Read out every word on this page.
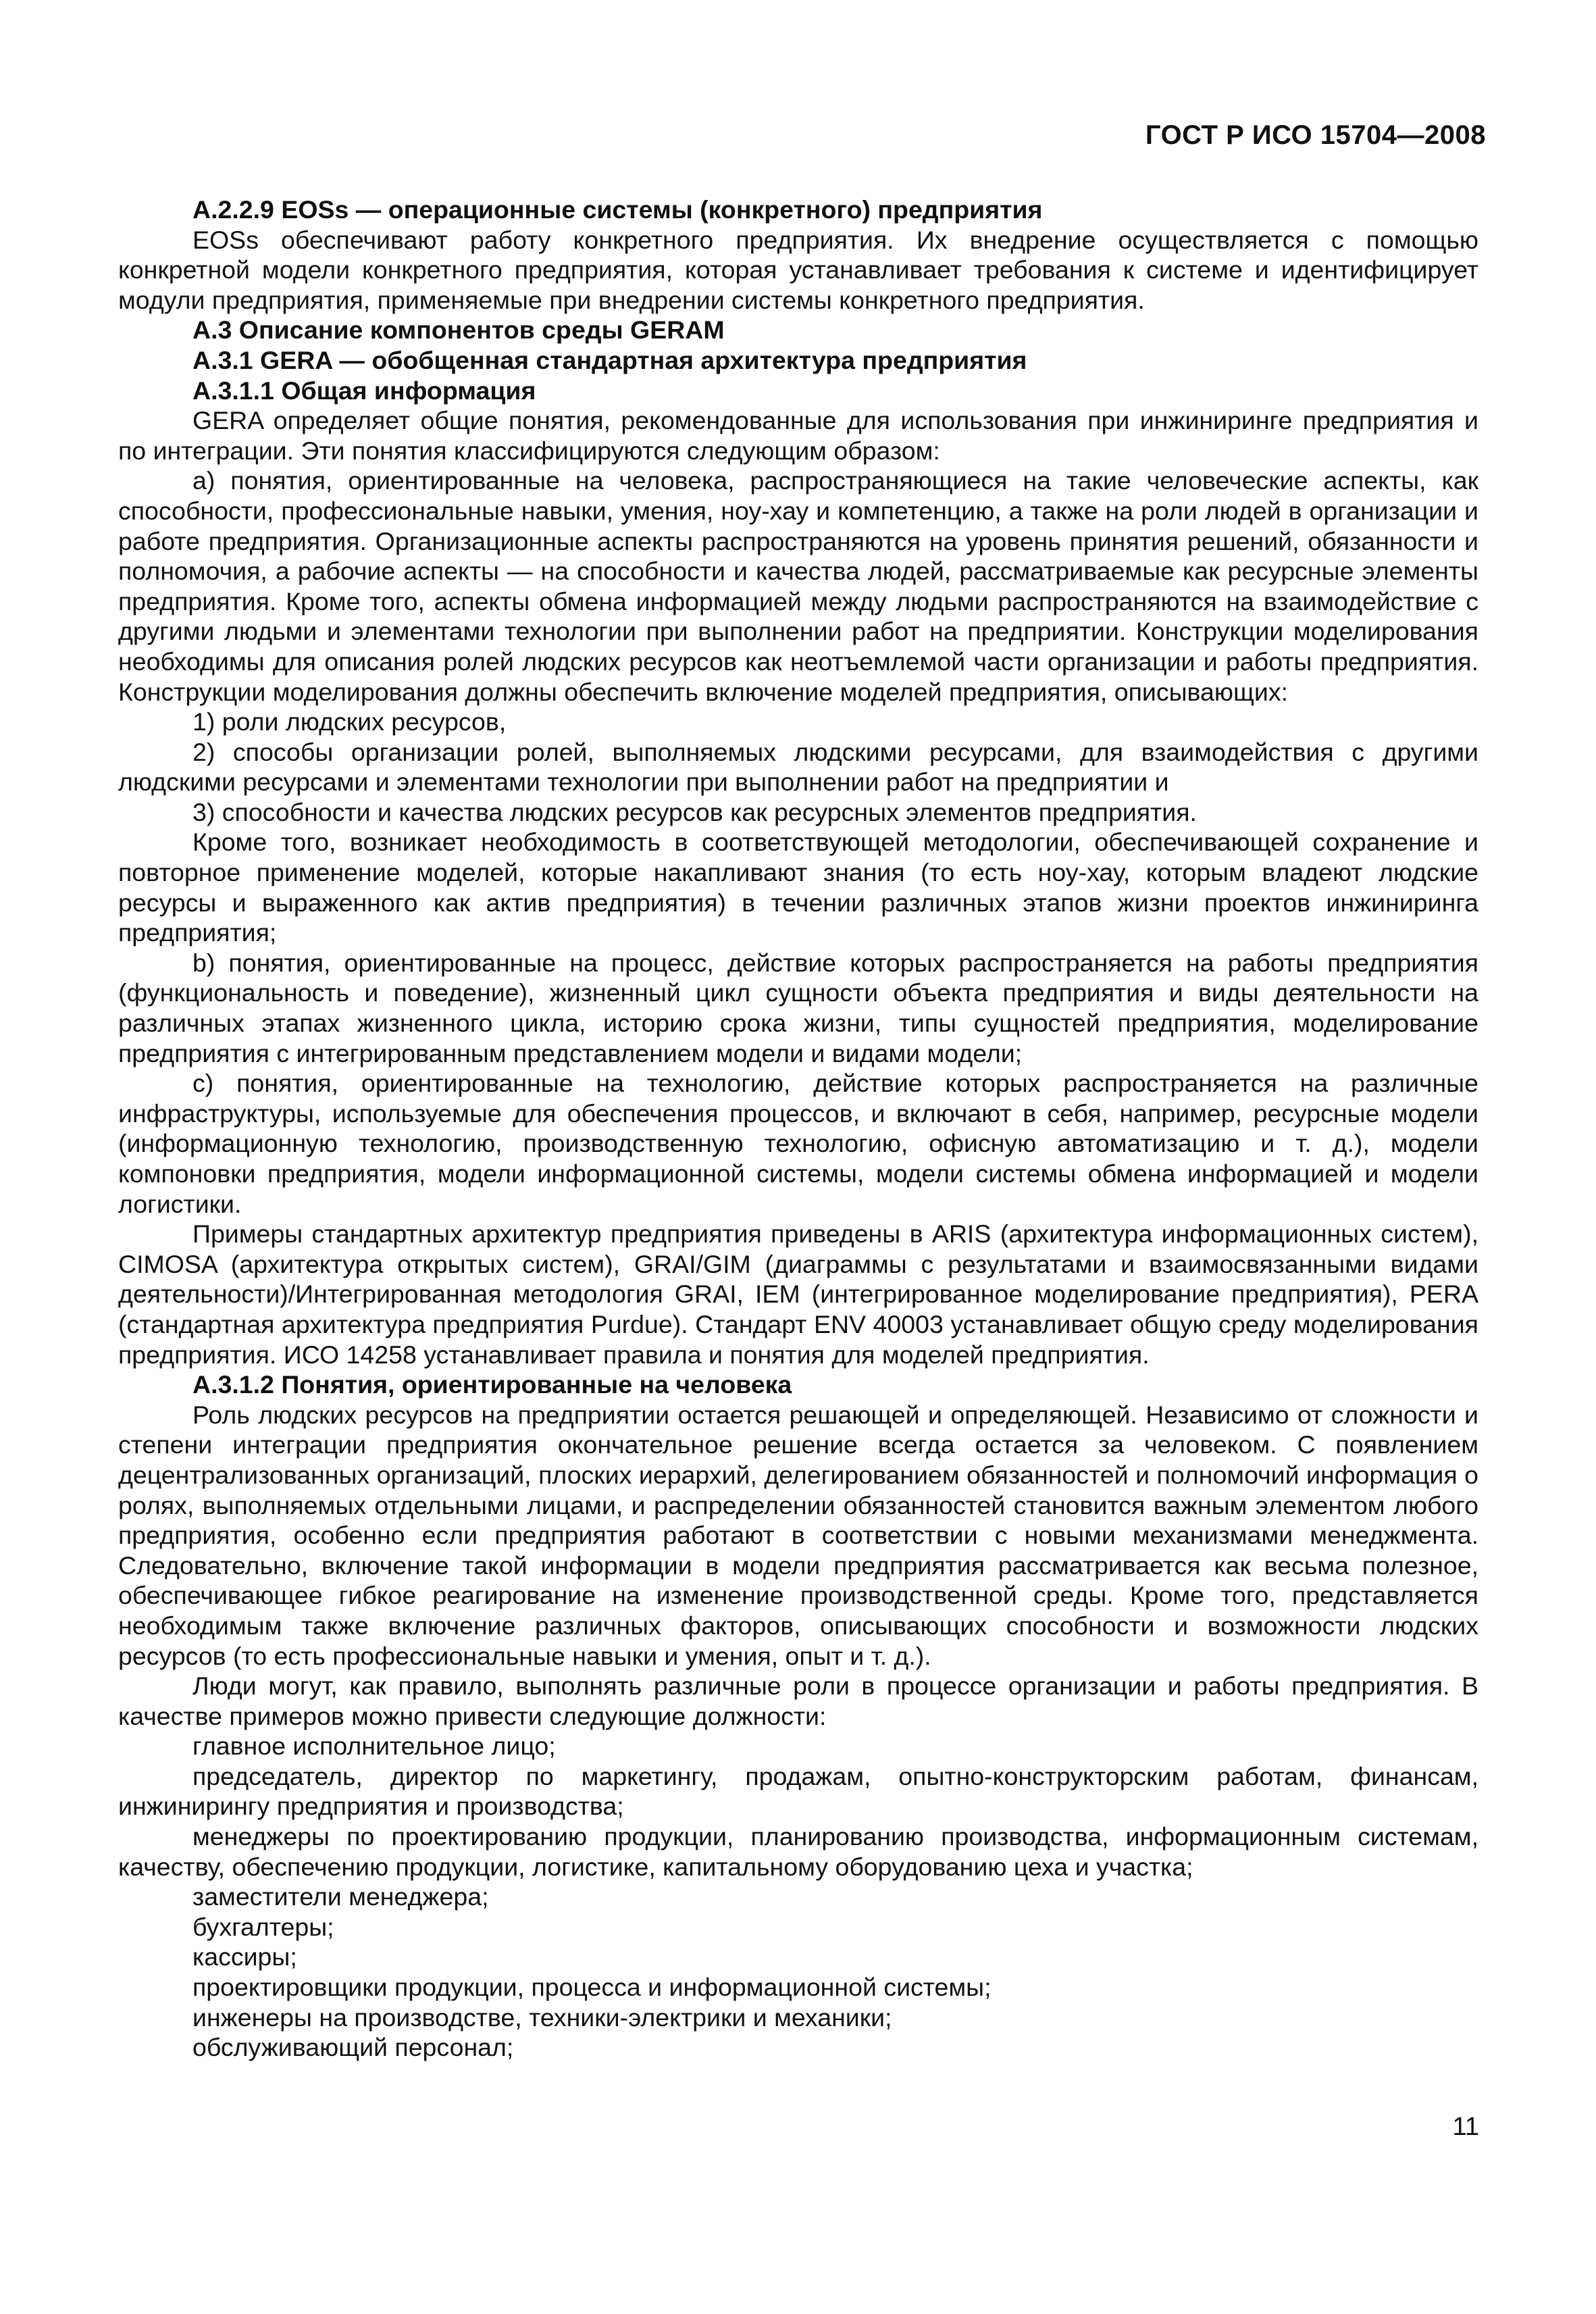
ГОСТ Р ИСО 15704—2008

А.2.2.9 EOSs — операционные системы (конкретного) предприятия

EOSs обеспечивают работу конкретного предприятия. Их внедрение осуществляется с помощью конкретной модели конкретного предприятия, которая устанавливает требования к системе и идентифицирует модули предприятия, применяемые при внедрении системы конкретного предприятия.

А.3 Описание компонентов среды GERAM

А.3.1 GERA — обобщенная стандартная архитектура предприятия

А.3.1.1 Общая информация

GERA определяет общие понятия, рекомендованные для использования при инжиниринге предприятия и по интеграции. Эти понятия классифицируются следующим образом:

а) понятия, ориентированные на человека, распространяющиеся на такие человеческие аспекты, как способности, профессиональные навыки, умения, ноу-хау и компетенцию, а также на роли людей в организации и работе предприятия. Организационные аспекты распространяются на уровень принятия решений, обязанности и полномочия, а рабочие аспекты — на способности и качества людей, рассматриваемые как ресурсные элементы предприятия. Кроме того, аспекты обмена информацией между людьми распространяются на взаимодействие с другими людьми и элементами технологии при выполнении работ на предприятии. Конструкции моделирования необходимы для описания ролей людских ресурсов как неотъемлемой части организации и работы предприятия. Конструкции моделирования должны обеспечить включение моделей предприятия, описывающих:

1) роли людских ресурсов,

2) способы организации ролей, выполняемых людскими ресурсами, для взаимодействия с другими людскими ресурсами и элементами технологии при выполнении работ на предприятии и

3) способности и качества людских ресурсов как ресурсных элементов предприятия.

Кроме того, возникает необходимость в соответствующей методологии, обеспечивающей сохранение и повторное применение моделей, которые накапливают знания (то есть ноу-хау, которым владеют людские ресурсы и выраженного как актив предприятия) в течении различных этапов жизни проектов инжиниринга предприятия;

b) понятия, ориентированные на процесс, действие которых распространяется на работы предприятия (функциональность и поведение), жизненный цикл сущности объекта предприятия и виды деятельности на различных этапах жизненного цикла, историю срока жизни, типы сущностей предприятия, моделирование предприятия с интегрированным представлением модели и видами модели;

с) понятия, ориентированные на технологию, действие которых распространяется на различные инфраструктуры, используемые для обеспечения процессов, и включают в себя, например, ресурсные модели (информационную технологию, производственную технологию, офисную автоматизацию и т. д.), модели компоновки предприятия, модели информационной системы, модели системы обмена информацией и модели логистики.

Примеры стандартных архитектур предприятия приведены в ARIS (архитектура информационных систем), CIMOSA (архитектура открытых систем), GRAI/GIM (диаграммы с результатами и взаимосвязанными видами деятельности)/Интегрированная методология GRAI, IEM (интегрированное моделирование предприятия), PERA (стандартная архитектура предприятия Purdue). Стандарт ENV 40003 устанавливает общую среду моделирования предприятия. ИСО 14258 устанавливает правила и понятия для моделей предприятия.

А.3.1.2 Понятия, ориентированные на человека

Роль людских ресурсов на предприятии остается решающей и определяющей. Независимо от сложности и степени интеграции предприятия окончательное решение всегда остается за человеком. С появлением децентрализованных организаций, плоских иерархий, делегированием обязанностей и полномочий информация о ролях, выполняемых отдельными лицами, и распределении обязанностей становится важным элементом любого предприятия, особенно если предприятия работают в соответствии с новыми механизмами менеджмента. Следовательно, включение такой информации в модели предприятия рассматривается как весьма полезное, обеспечивающее гибкое реагирование на изменение производственной среды. Кроме того, представляется необходимым также включение различных факторов, описывающих способности и возможности людских ресурсов (то есть профессиональные навыки и умения, опыт и т. д.).

Люди могут, как правило, выполнять различные роли в процессе организации и работы предприятия. В качестве примеров можно привести следующие должности:

главное исполнительное лицо;

председатель, директор по маркетингу, продажам, опытно-конструкторским работам, финансам, инжинирингу предприятия и производства;

менеджеры по проектированию продукции, планированию производства, информационным системам, качеству, обеспечению продукции, логистике, капитальному оборудованию цеха и участка;

заместители менеджера;

бухгалтеры;

кассиры;

проектировщики продукции, процесса и информационной системы;

инженеры на производстве, техники-электрики и механики;

обслуживающий персонал;

11
